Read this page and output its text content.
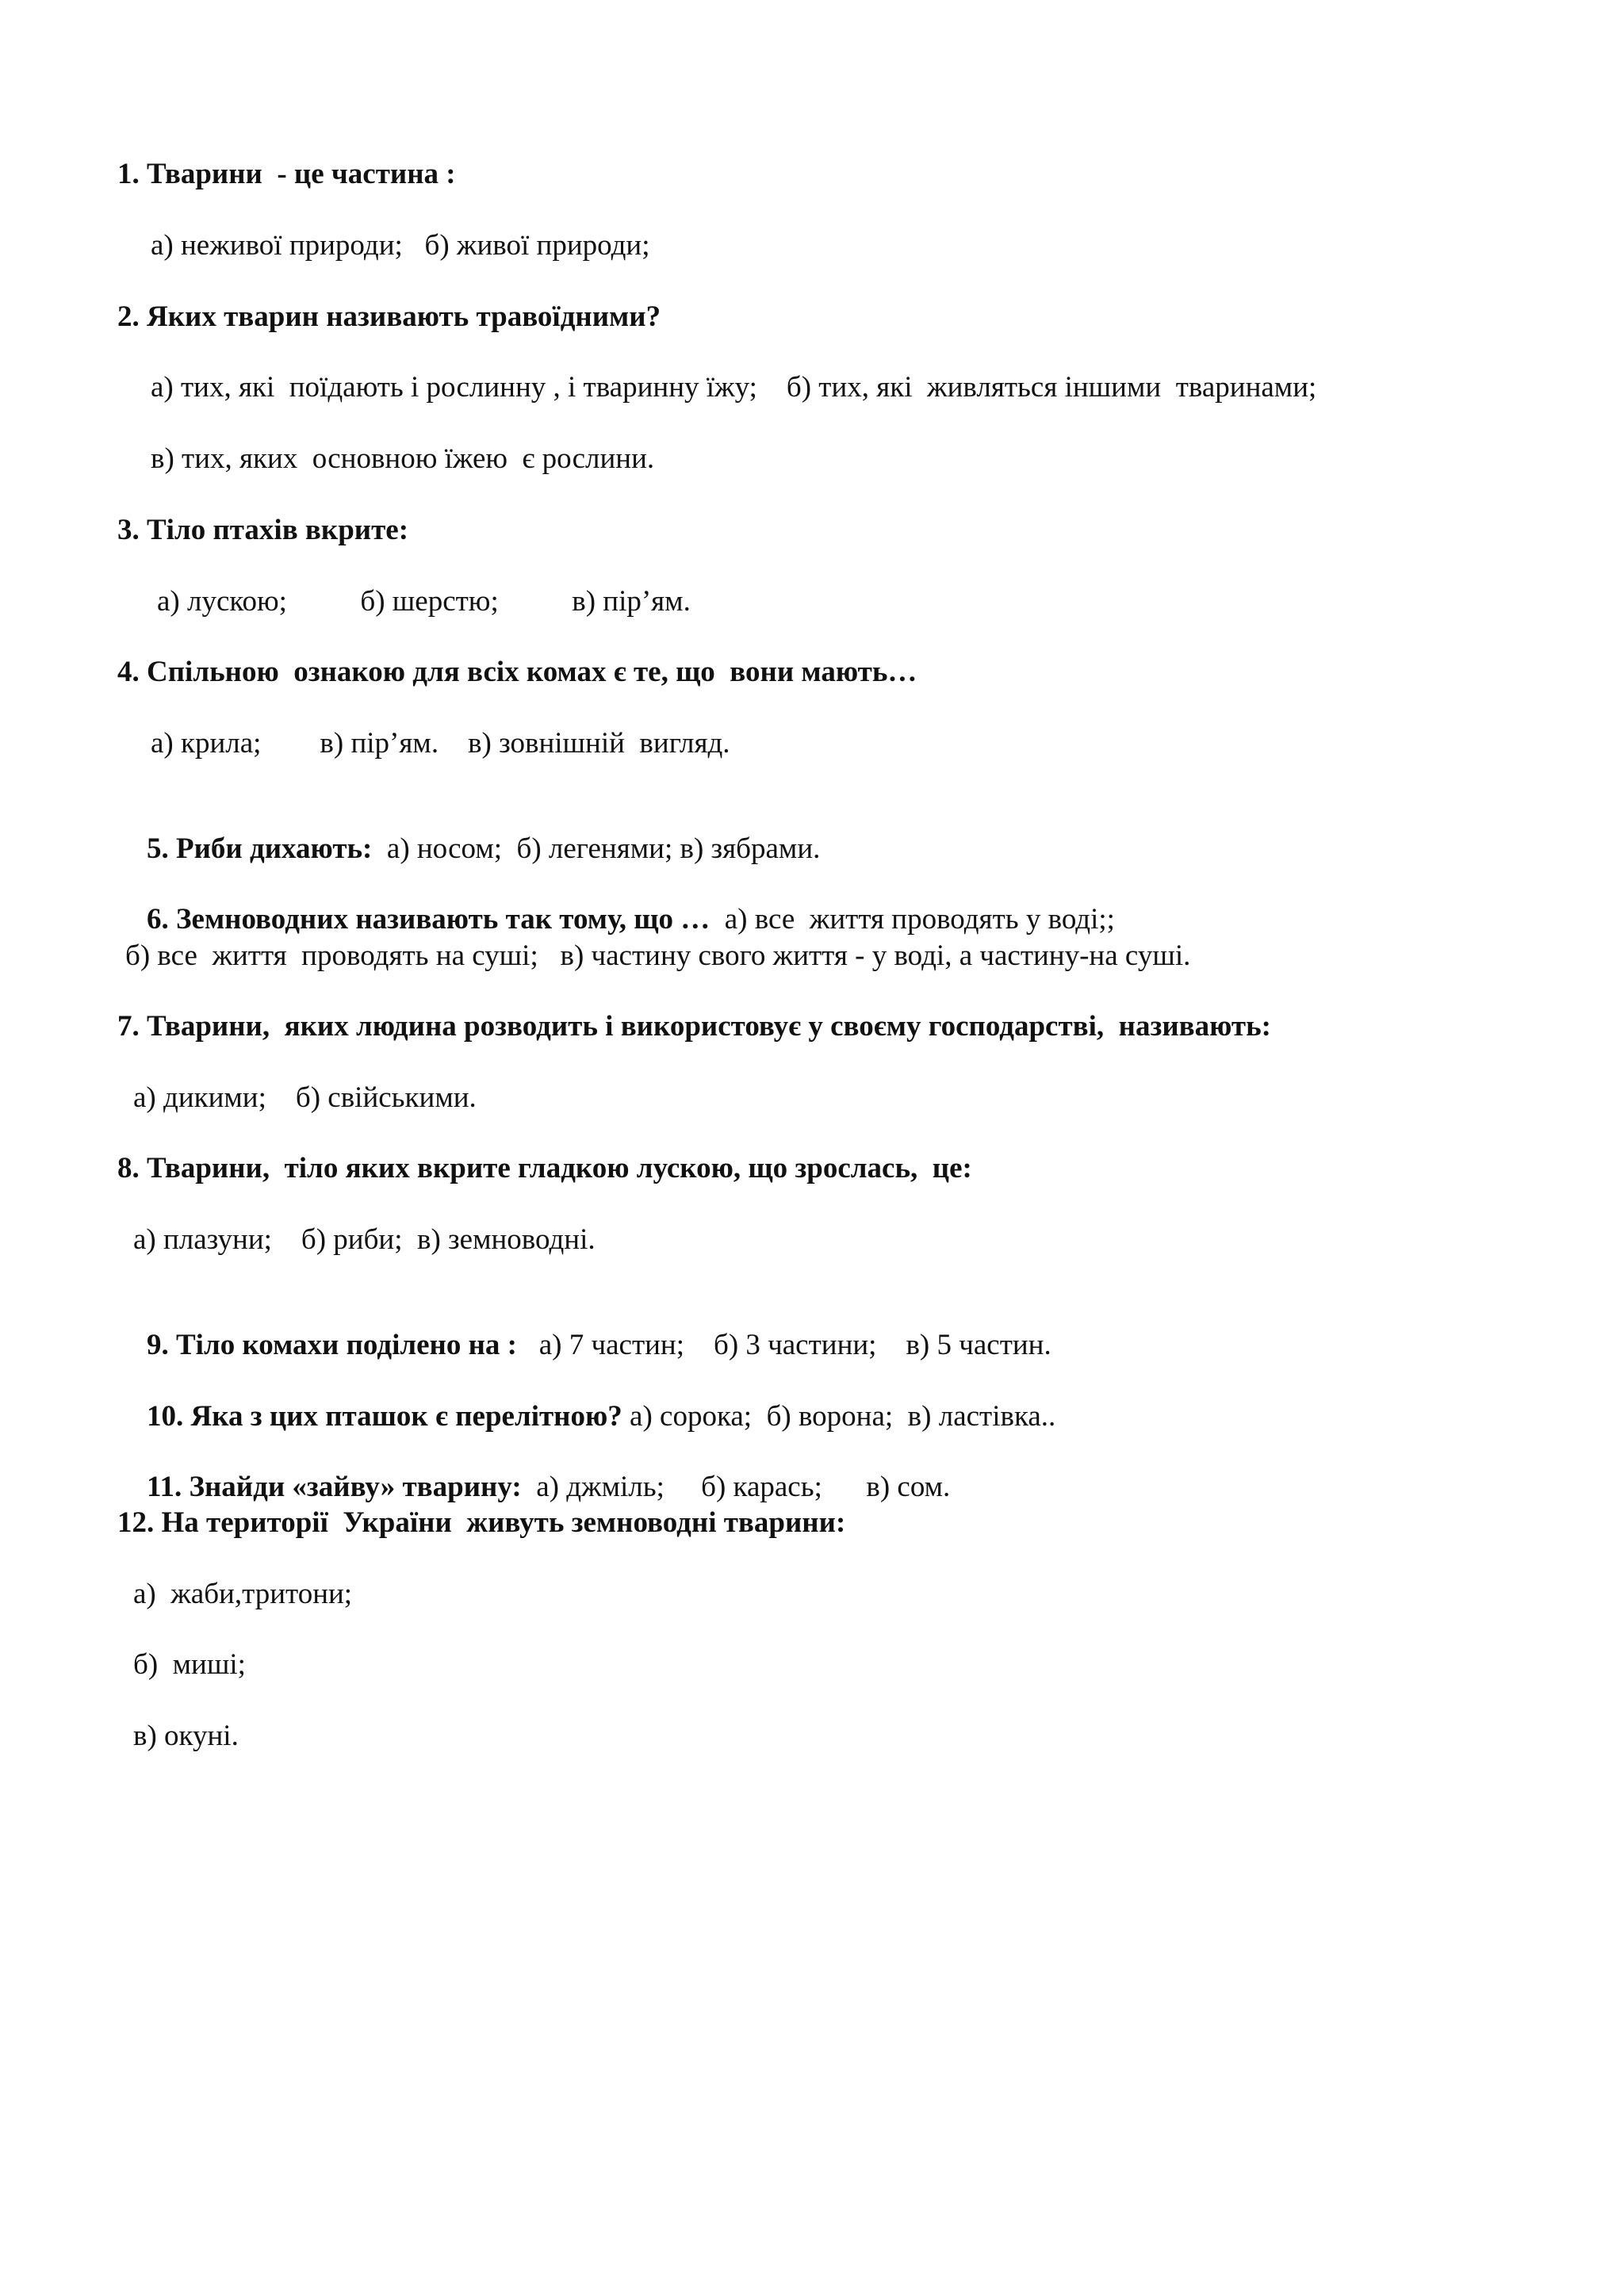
1. Тварини  - це частина :
а) неживої природи;   б) живої природи;
2. Яких тварин називають травоїдними?
а) тих, які  поїдають і рослинну , і тваринну їжу;    б) тих, які  живляться іншими  тваринами;
в) тих, яких  основною їжею  є рослини.
3. Тіло птахів вкрите:
а) лускою;          б) шерстю;          в) пір’ям.
4. Спільною  ознакою для всіх комах є те, що  вони мають…
а) крила;        в) пір’ям.    в) зовнішній  вигляд.

5. Риби дихають:  а) носом;  б) легенями; в) зябрами.

6. Земноводних називають так тому, що …  а) все  життя проводять у воді;;

б) все  життя  проводять на суші;   в) частину свого життя - у воді, а частину-на суші.
7. Тварини,  яких людина розводить і використовує у своєму господарстві,  називають:
а) дикими;    б) свійськими.
8. Тварини,  тіло яких вкрите гладкою лускою, що зрослась,  це:
а) плазуни;    б) риби;  в) земноводні.

9. Тіло комахи поділено на :   а) 7 частин;    б) 3 частини;    в) 5 частин.

10. Яка з цих пташок є перелітною? а) сорока;  б) ворона;  в) ластівка..

11. Знайди «зайву» тварину:  а) джміль;     б) карась;      в) сом.

12. На території  України  живуть земноводні тварини:
а)  жаби,тритони;
б)  миші;
в) окуні.
